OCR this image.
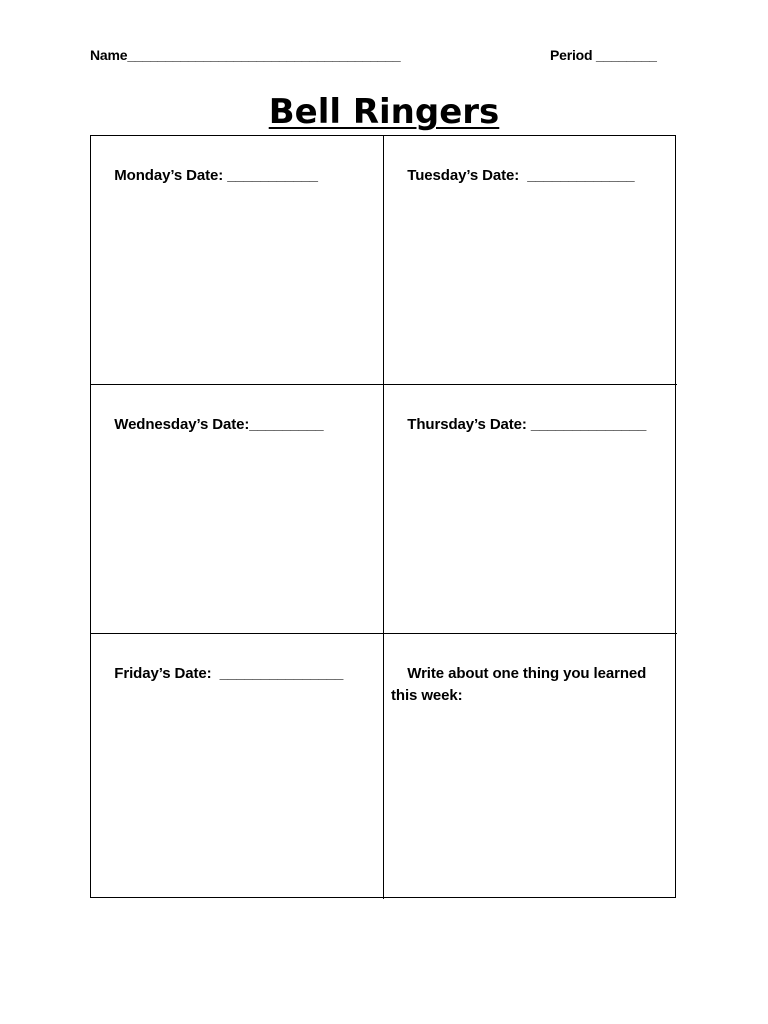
Name____________________________________	Period ________
Bell Ringers

Monday’s Date: ___________
	Tuesday’s Date:  _____________

Wednesday’s Date:_________
	Thursday’s Date: ______________

Friday’s Date:  _______________
	Write about one thing you learned this week:
